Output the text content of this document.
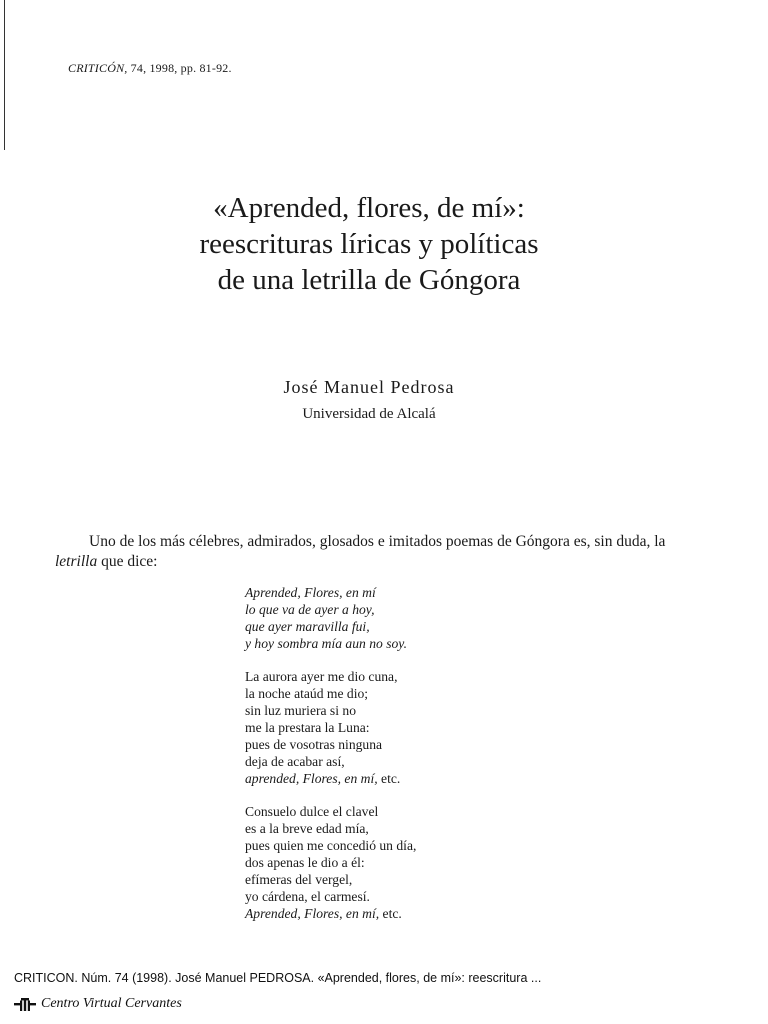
CRITICÓN, 74, 1998, pp. 81-92.
«Aprended, flores, de mí»:
reescrituras líricas y políticas
de una letrilla de Góngora
José Manuel Pedrosa
Universidad de Alcalá

Uno de los más célebres, admirados, glosados e imitados poemas de Góngora es, sin duda, la letrilla que dice:

Aprended, Flores, en mí
lo que va de ayer a hoy,
que ayer maravilla fui,
y hoy sombra mía aun no soy.
La aurora ayer me dio cuna,
la noche ataúd me dio;
sin luz muriera si no
me la prestara la Luna:
pues de vosotras ninguna
deja de acabar así,
aprended, Flores, en mí, etc.
Consuelo dulce el clavel
es a la breve edad mía,
pues quien me concedió un día,
dos apenas le dio a él:
efímeras del vergel,
yo cárdena, el carmesí.
Aprended, Flores, en mí, etc.
CRITICON. Núm. 74 (1998). José Manuel PEDROSA. «Aprended, flores, de mí»: reescritura ...
Centro Virtual Cervantes
